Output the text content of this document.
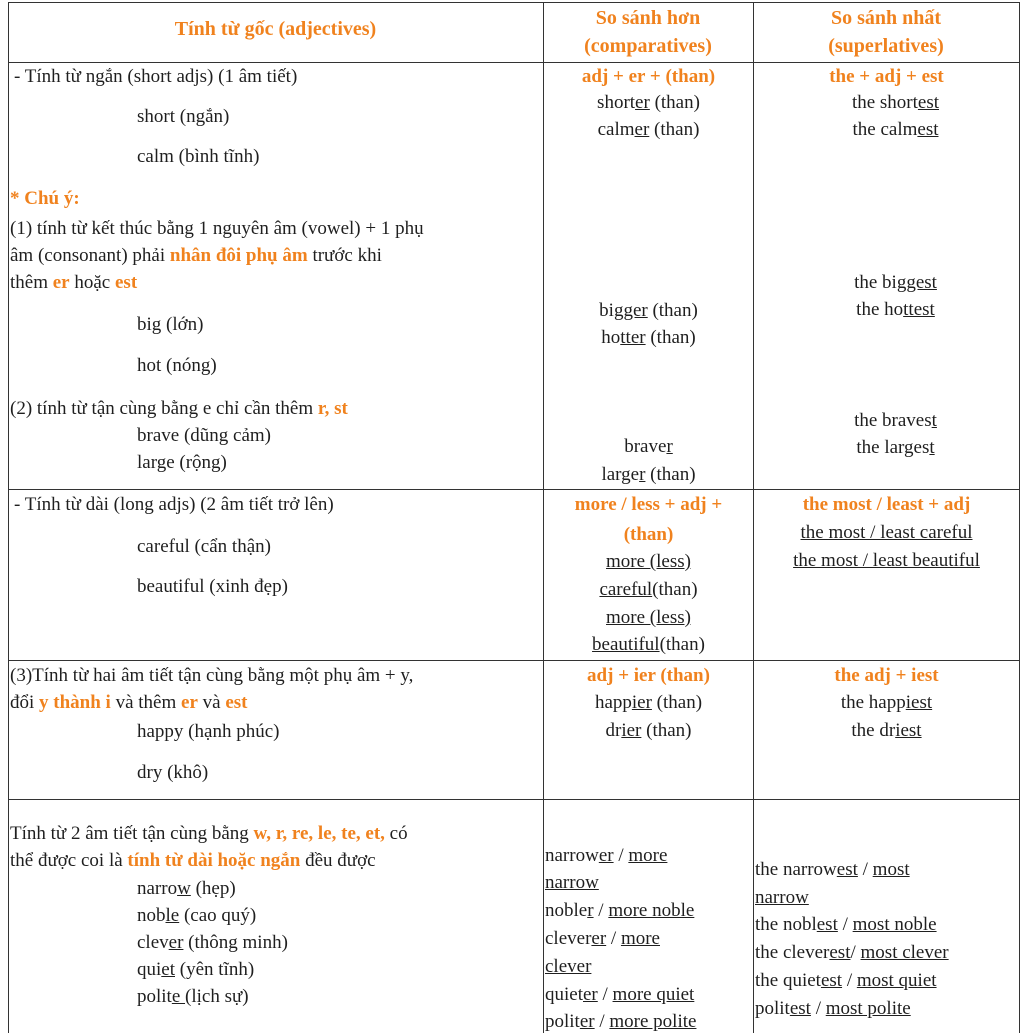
Tính từ gốc (adjectives)	So sánh hơn
(comparatives)
So sánh nhất
(superlatives)
- Tính từ ngắn (short adjs) (1 âm tiết)
short (ngắn)
calm (bình tĩnh)
* Chú ý:
(1) tính từ kết thúc bằng 1 nguyên âm (vowel) + 1 phụ
âm (consonant) phải nhân đôi phụ âm trước khi
thêm er hoặc est
big (lớn)
hot (nóng)
(2) tính từ tận cùng bằng e chỉ cần thêm r, st
brave (dũng cảm)
large (rộng)
adj + er + (than)
shorter (than)
calmer (than)
bigger (than)
hotter (than)
braver
larger (than)
the + adj + est
the shortest
the calmest
the biggest
the hottest
the bravest
the largest
- Tính từ dài (long adjs) (2 âm tiết trở lên)
careful (cẩn thận)
beautiful (xinh đẹp)
more / less + adj +
(than)
more (less)
careful(than)
more (less)
beautiful(than)
the most / least + adj
the most / least careful
the most / least beautiful
(3)Tính từ hai âm tiết tận cùng bằng một phụ âm + y,
đổi y thành i và thêm er và est
happy (hạnh phúc)
dry (khô)
adj + ier (than)
happier (than)
drier (than)
the adj + iest
the happiest
the driest
Tính từ 2 âm tiết tận cùng bằng w, r, re, le, te, et, có
thể được coi là tính từ dài hoặc ngắn đều được
narrow (hẹp)
noble (cao quý)
clever (thông minh)
quiet (yên tĩnh)
polite (lịch sự)
narrower / more
narrow
nobler / more noble
cleverer / more
clever
quieter / more quiet
politer / more polite
the narrowest / most
narrow
the noblest / most noble
the cleverest/ most clever
the quietest / most quiet
politest / most polite
